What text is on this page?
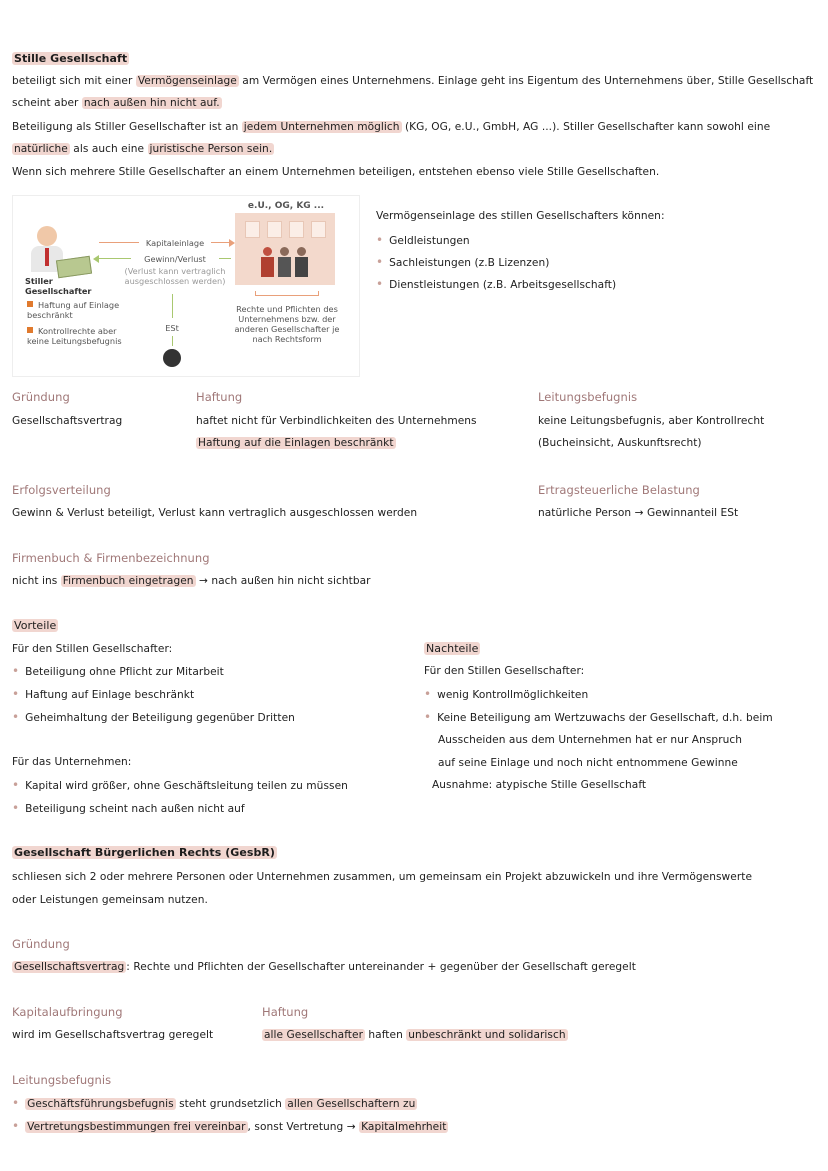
Stille Gesellschaft
beteiligt sich mit einer Vermögenseinlage am Vermögen eines Unternehmens. Einlage geht ins Eigentum des Unternehmens über, Stille Gesellschaft
scheint aber nach außen hin nicht auf.
Beteiligung als Stiller Gesellschafter ist an jedem Unternehmen möglich (KG, OG, e.U., GmbH, AG ...). Stiller Gesellschafter kann sowohl eine
natürliche als auch eine juristische Person sein.
Wenn sich mehrere Stille Gesellschafter an einem Unternehmen beteiligen, entstehen ebenso viele Stille Gesellschaften.
e.U., OG, KG ...
Kapitaleinlage
Gewinn/Verlust
(Verlust kann vertraglich ausgeschlossen werden)
Stiller Gesellschafter
Haftung auf Einlage beschränkt
Kontrollrechte aber keine Leitungsbefugnis
ESt
Rechte und Pflichten des Unternehmens bzw. der anderen Gesellschafter je nach Rechtsform
Vermögenseinlage des stillen Gesellschafters können:
• Geldleistungen
• Sachleistungen (z.B Lizenzen)
• Dienstleistungen (z.B. Arbeitsgesellschaft)
Gründung
Gesellschaftsvertrag
Haftung
haftet nicht für Verbindlichkeiten des Unternehmens
Haftung auf die Einlagen beschränkt
Leitungsbefugnis
keine Leitungsbefugnis, aber Kontrollrecht
(Bucheinsicht, Auskunftsrecht)
Erfolgsverteilung
Gewinn & Verlust beteiligt, Verlust kann vertraglich ausgeschlossen werden
Ertragsteuerliche Belastung
natürliche Person → Gewinnanteil ESt
Firmenbuch & Firmenbezeichnung
nicht ins Firmenbuch eingetragen → nach außen hin nicht sichtbar
Vorteile
Für den Stillen Gesellschafter:
• Beteiligung ohne Pflicht zur Mitarbeit
• Haftung auf Einlage beschränkt
• Geheimhaltung der Beteiligung gegenüber Dritten
Für das Unternehmen:
• Kapital wird größer, ohne Geschäftsleitung teilen zu müssen
• Beteiligung scheint nach außen nicht auf
Nachteile
Für den Stillen Gesellschafter:
• wenig Kontrollmöglichkeiten
• Keine Beteiligung am Wertzuwachs der Gesellschaft, d.h. beim
Ausscheiden aus dem Unternehmen hat er nur Anspruch
auf seine Einlage und noch nicht entnommene Gewinne
Ausnahme: atypische Stille Gesellschaft
Gesellschaft Bürgerlichen Rechts (GesbR)
schliesen sich 2 oder mehrere Personen oder Unternehmen zusammen, um gemeinsam ein Projekt abzuwickeln und ihre Vermögenswerte
oder Leistungen gemeinsam nutzen.
Gründung
Gesellschaftsvertrag : Rechte und Pflichten der Gesellschafter untereinander + gegenüber der Gesellschaft geregelt
Kapitalaufbringung
wird im Gesellschaftsvertrag geregelt
Haftung
alle Gesellschafter haften unbeschränkt und solidarisch
Leitungsbefugnis
• Geschäftsführungsbefugnis steht grundsetzlich allen Gesellschaftern zu
• Vertretungsbestimmungen frei vereinbar , sonst Vertretung → Kapitalmehrheit
